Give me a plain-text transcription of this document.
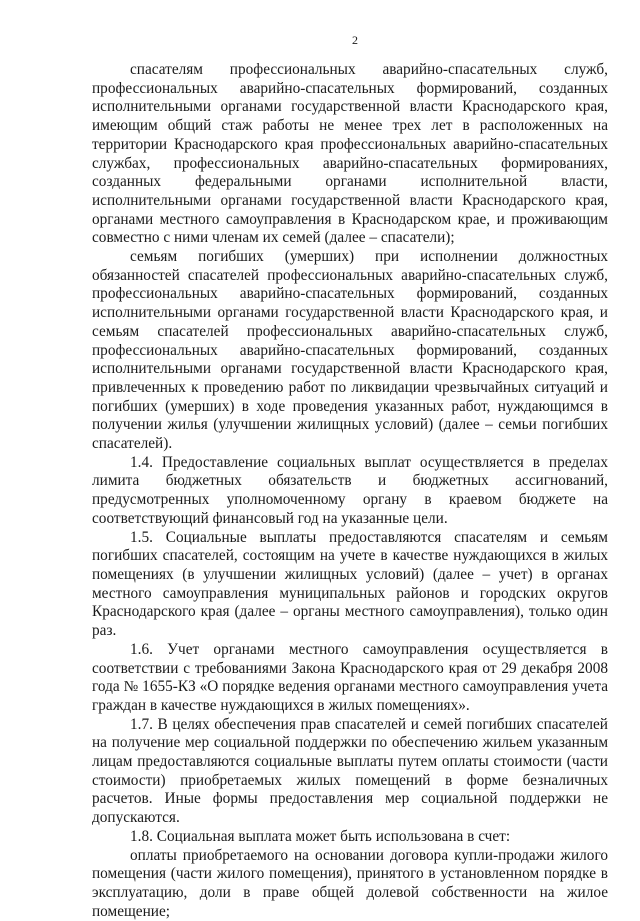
2

спасателям профессиональных аварийно-спасательных служб, профессиональных аварийно-спасательных формирований, созданных исполнительными органами государственной власти Краснодарского края, имеющим общий стаж работы не менее трех лет в расположенных на территории Краснодарского края профессиональных аварийно-спасательных службах, профессиональных аварийно-спасательных формированиях, созданных федеральными органами исполнительной власти, исполнительными органами государственной власти Краснодарского края, органами местного самоуправления в Краснодарском крае, и проживающим совместно с ними членам их семей (далее – спасатели);

семьям погибших (умерших) при исполнении должностных обязанностей спасателей профессиональных аварийно-спасательных служб, профессиональных аварийно-спасательных формирований, созданных исполнительными органами государственной власти Краснодарского края, и семьям спасателей профессиональных аварийно-спасательных служб, профессиональных аварийно-спасательных формирований, созданных исполнительными органами государственной власти Краснодарского края, привлеченных к проведению работ по ликвидации чрезвычайных ситуаций и погибших (умерших) в ходе проведения указанных работ, нуждающимся в получении жилья (улучшении жилищных условий) (далее – семьи погибших спасателей).

1.4. Предоставление социальных выплат осуществляется в пределах лимита бюджетных обязательств и бюджетных ассигнований, предусмотренных уполномоченному органу в краевом бюджете на соответствующий финансовый год на указанные цели.

1.5. Социальные выплаты предоставляются спасателям и семьям погибших спасателей, состоящим на учете в качестве нуждающихся в жилых помещениях (в улучшении жилищных условий) (далее – учет) в органах местного самоуправления муниципальных районов и городских округов Краснодарского края (далее – органы местного самоуправления), только один раз.

1.6. Учет органами местного самоуправления осуществляется в соответствии с требованиями Закона Краснодарского края от 29 декабря 2008 года № 1655-КЗ «О порядке ведения органами местного самоуправления учета граждан в качестве нуждающихся в жилых помещениях».

1.7. В целях обеспечения прав спасателей и семей погибших спасателей на получение мер социальной поддержки по обеспечению жильем указанным лицам предоставляются социальные выплаты путем оплаты стоимости (части стоимости) приобретаемых жилых помещений в форме безналичных расчетов. Иные формы предоставления мер социальной поддержки не допускаются.

1.8. Социальная выплата может быть использована в счет:

оплаты приобретаемого на основании договора купли-продажи жилого помещения (части жилого помещения), принятого в установленном порядке в эксплуатацию, доли в праве общей долевой собственности на жилое помещение;
